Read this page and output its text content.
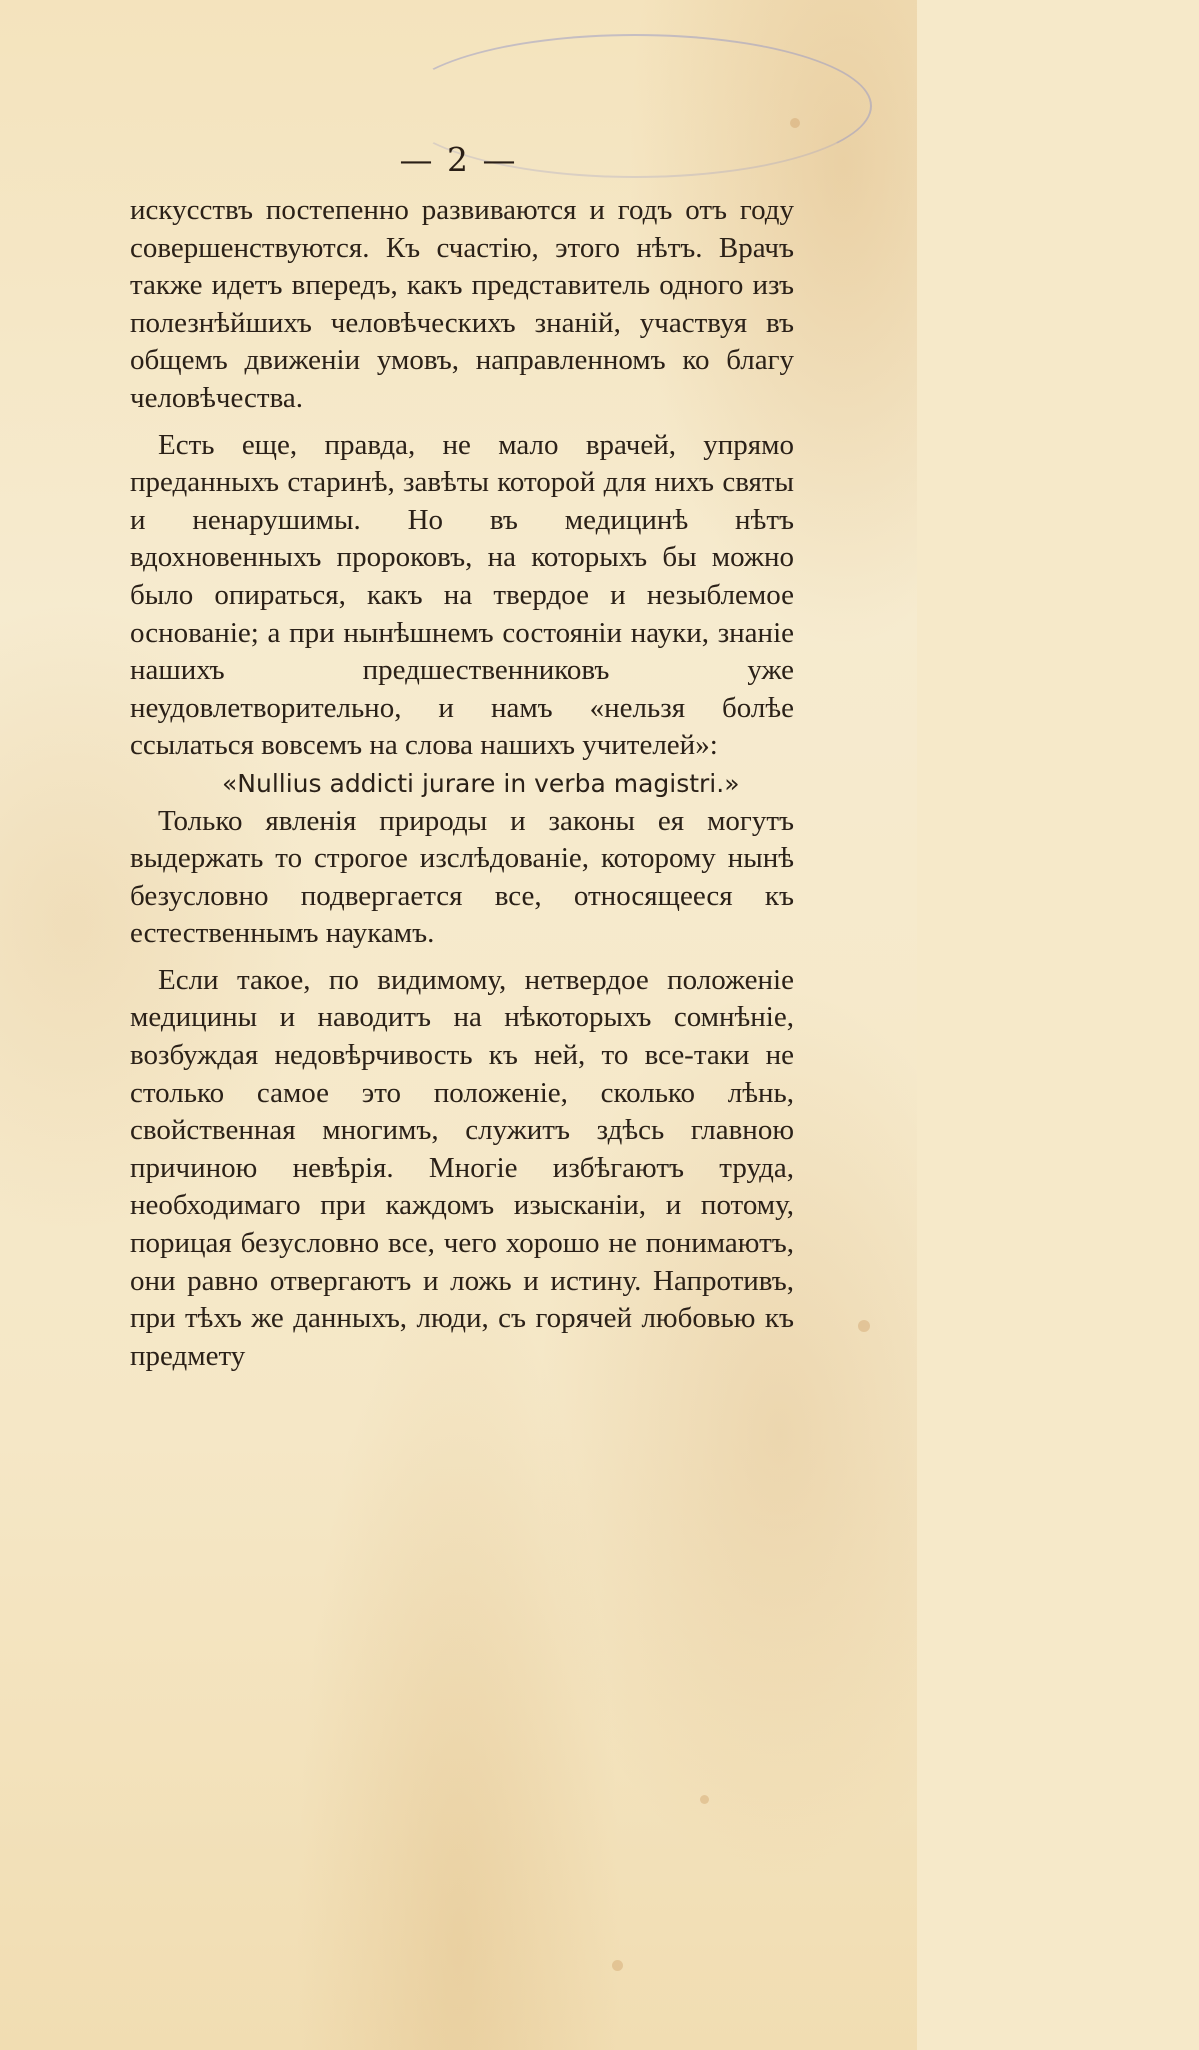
— 2 —

искусствъ постепенно развиваются и годъ отъ году совершенствуются. Къ счастію, этого нѣтъ. Врачъ также идетъ впередъ, какъ представитель одного изъ полезнѣйшихъ человѣческихъ знаній, участвуя въ общемъ движеніи умовъ, направленномъ ко благу человѣчества.

Есть еще, правда, не мало врачей, упрямо преданныхъ старинѣ, завѣты которой для нихъ святы и ненарушимы. Но въ медицинѣ нѣтъ вдохновенныхъ пророковъ, на которыхъ бы можно было опираться, какъ на твердое и незыблемое основаніе; а при нынѣшнемъ состояніи науки, знаніе нашихъ предшественниковъ уже неудовлетворительно, и намъ «нельзя болѣе ссылаться вовсемъ на слова нашихъ учителей»:

«Nullius addicti jurare in verba magistri.»

Только явленія природы и законы ея могутъ выдержать то строгое изслѣдованіе, которому нынѣ безусловно подвергается все, относящееся къ естественнымъ наукамъ.

Если такое, по видимому, нетвердое положеніе медицины и наводитъ на нѣкоторыхъ сомнѣніе, возбуждая недовѣрчивость къ ней, то все-таки не столько самое это положеніе, сколько лѣнь, свойственная многимъ, служитъ здѣсь главною причиною невѣрія. Многіе избѣгаютъ труда, необходимаго при каждомъ изысканіи, и потому, порицая безусловно все, чего хорошо не понимаютъ, они равно отвергаютъ и ложь и истину. Напротивъ, при тѣхъ же данныхъ, люди, съ горячей любовью къ предмету
